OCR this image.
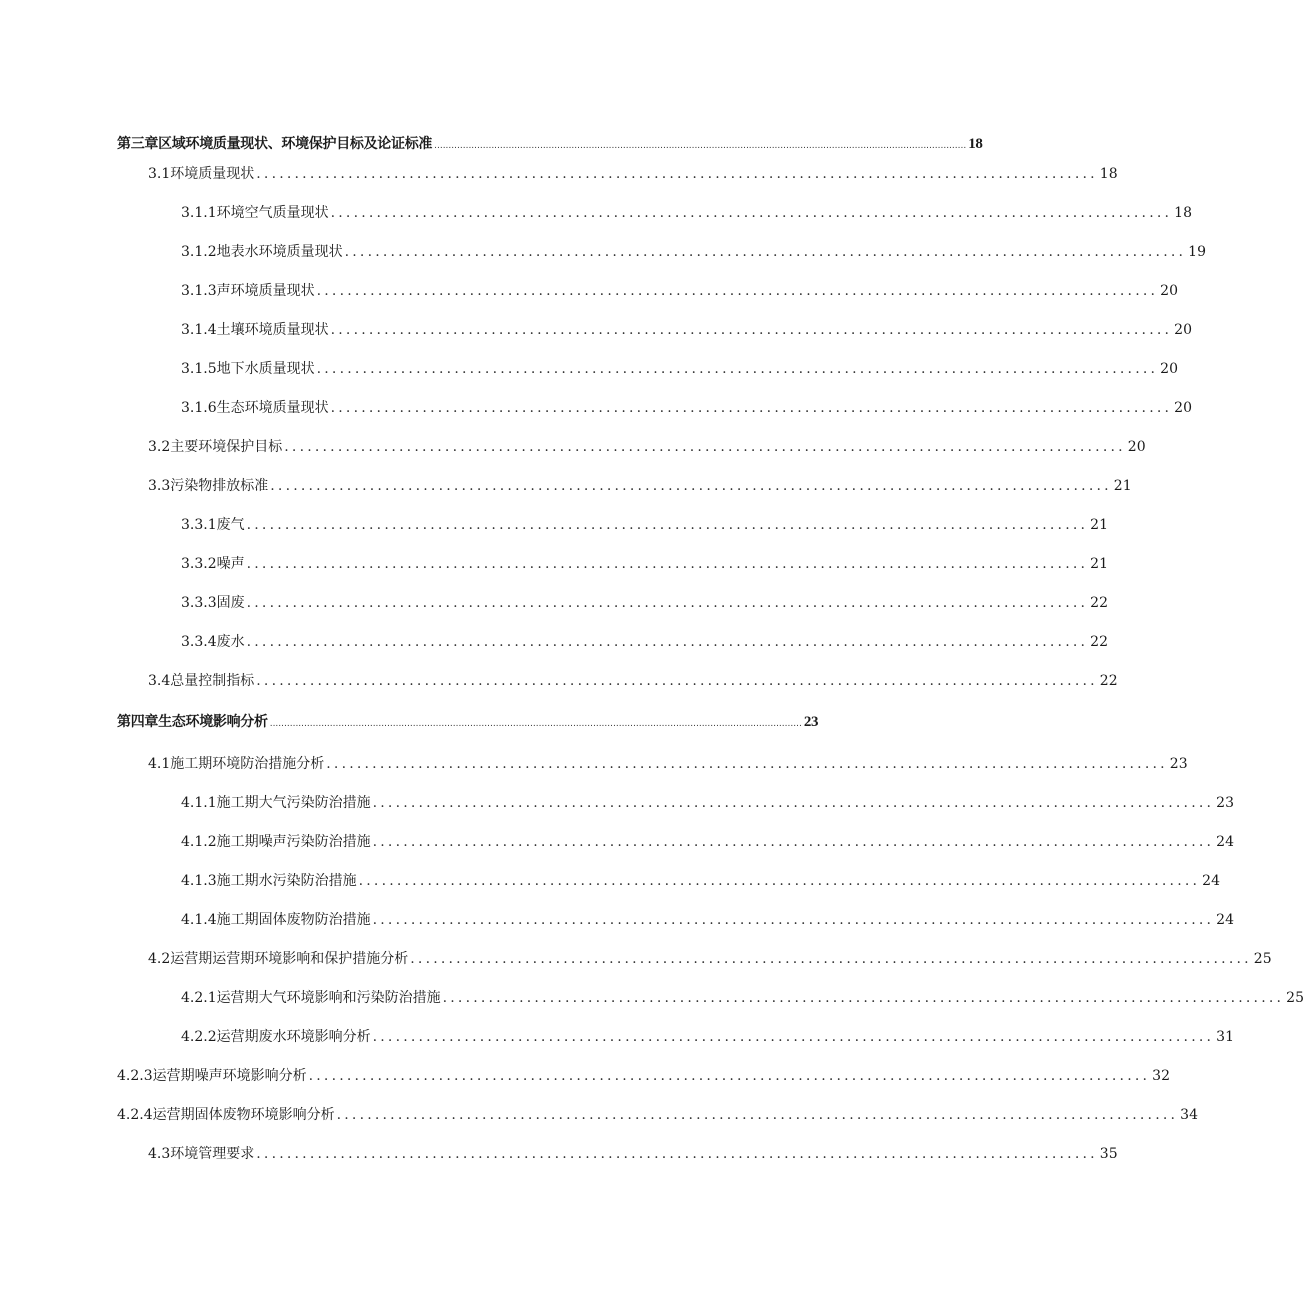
第三章区域环境质量现状、环境保护目标及论证标准 .......................................................................................................................................................................................... 18
3.1 环境质量现状 .............................................................................................................. 18
3.1.1 环境空气质量现状 .............................................................................................................. 18
3.1.2 地表水环境质量现状 .............................................................................................................. 19
3.1.3 声环境质量现状 .............................................................................................................. 20
3.1.4 土壤环境质量现状 .............................................................................................................. 20
3.1.5 地下水质量现状 .............................................................................................................. 20
3.1.6 生态环境质量现状 .............................................................................................................. 20
3.2 主要环境保护目标 .............................................................................................................. 20
3.3 污染物排放标准 .............................................................................................................. 21
3.3.1 废气 .............................................................................................................. 21
3.3.2 噪声 .............................................................................................................. 21
3.3.3 固废 .............................................................................................................. 22
3.3.4 废水 .............................................................................................................. 22
3.4 总量控制指标 .............................................................................................................. 22
第四章生态环境影响分析 .......................................................................................................................................................................................... 23
4.1 施工期环境防治措施分析 .............................................................................................................. 23
4.1.1 施工期大气污染防治措施 .............................................................................................................. 23
4.1.2 施工期噪声污染防治措施 .............................................................................................................. 24
4.1.3 施工期水污染防治措施 .............................................................................................................. 24
4.1.4 施工期固体废物防治措施 .............................................................................................................. 24
4.2 运营期运营期环境影响和保护措施分析 .............................................................................................................. 25
4.2.1 运营期大气环境影响和污染防治措施 .............................................................................................................. 25
4.2.2 运营期废水环境影响分析 .............................................................................................................. 31
4.2.3 运营期噪声环境影响分析 .............................................................................................................. 32
4.2.4 运营期固体废物环境影响分析 .............................................................................................................. 34
4.3 环境管理要求 .............................................................................................................. 35
